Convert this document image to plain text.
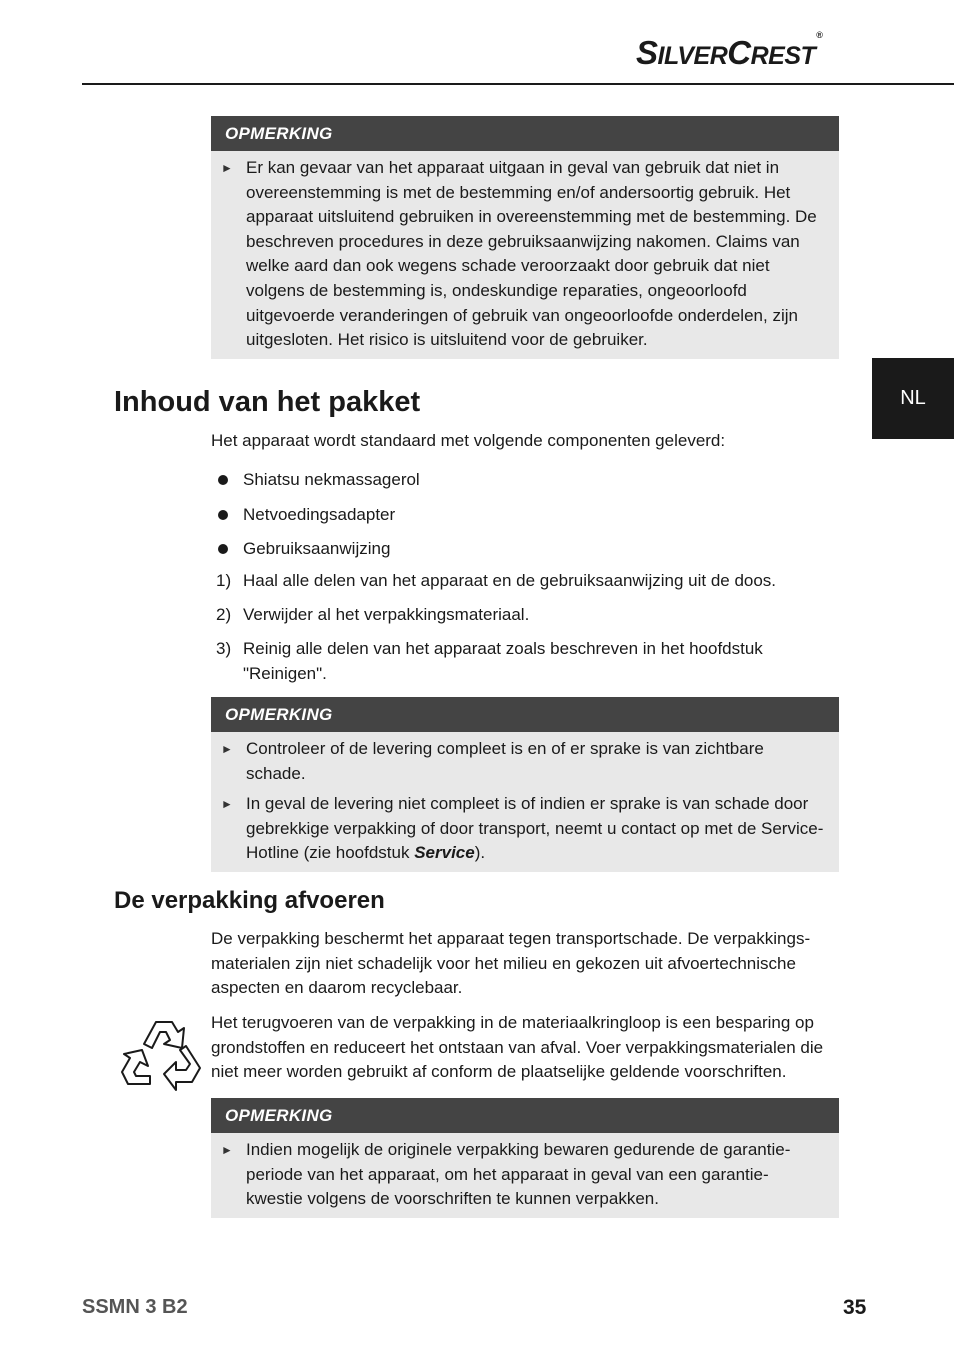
SILVERCREST®
NL
OPMERKING
► Er kan gevaar van het apparaat uitgaan in geval van gebruik dat niet in overeenstemming is met de bestemming en/of andersoortig gebruik. Het apparaat uitsluitend gebruiken in overeenstemming met de bestemming. De beschreven procedures in deze gebruiksaanwijzing nakomen. Claims van welke aard dan ook wegens schade veroorzaakt door gebruik dat niet volgens de bestemming is, ondeskundige reparaties, ongeoorloofd uitgevoerde veranderingen of gebruik van ongeoorloofde onderdelen, zijn uitgesloten. Het risico is uitsluitend voor de gebruiker.
Inhoud van het pakket

Het apparaat wordt standaard met volgende componenten geleverd:

Shiatsu nekmassagerol
Netvoedingsadapter
Gebruiksaanwijzing
1) Haal alle delen van het apparaat en de gebruiksaanwijzing uit de doos.
2) Verwijder al het verpakkingsmateriaal.
3) Reinig alle delen van het apparaat zoals beschreven in het hoofdstuk "Reinigen".
OPMERKING
► Controleer of de levering compleet is en of er sprake is van zichtbare schade.
► In geval de levering niet compleet is of indien er sprake is van schade door gebrekkige verpakking of door transport, neemt u contact op met de Service-Hotline (zie hoofdstuk Service).
De verpakking afvoeren

De verpakking beschermt het apparaat tegen transportschade. De verpakkings-materialen zijn niet schadelijk voor het milieu en gekozen uit afvoertechnische aspecten en daarom recyclebaar.

Het terugvoeren van de verpakking in de materiaalkringloop is een besparing op grondstoffen en reduceert het ontstaan van afval. Voer verpakkingsmaterialen die niet meer worden gebruikt af conform de plaatselijke geldende voorschriften.

OPMERKING
► Indien mogelijk de originele verpakking bewaren gedurende de garantie-periode van het apparaat, om het apparaat in geval van een garantie-kwestie volgens de voorschriften te kunnen verpakken.
SSMN 3 B2	35
